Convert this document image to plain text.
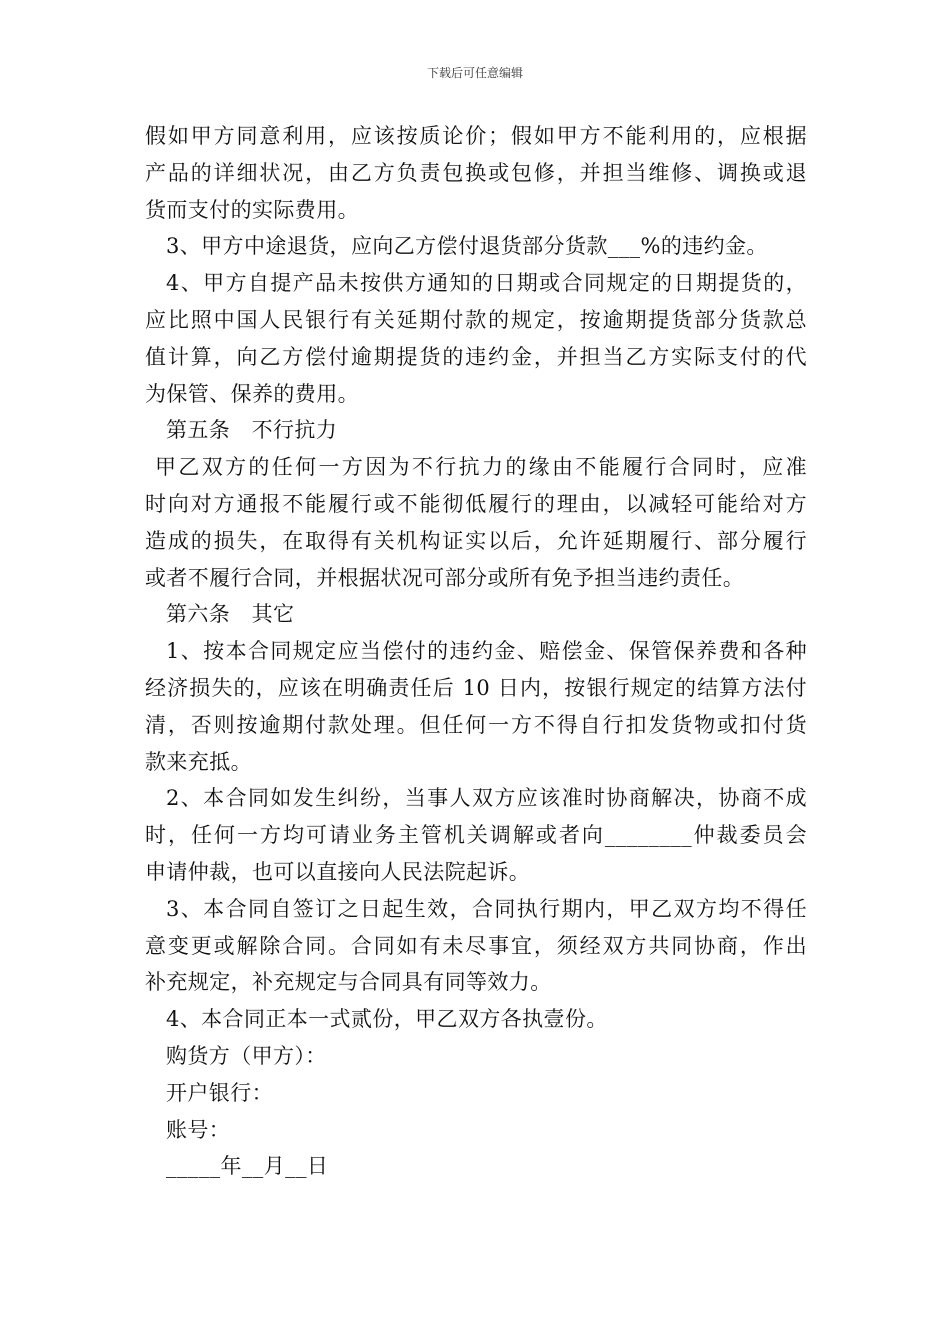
下载后可任意编辑
假如甲方同意利用，应该按质论价；假如甲方不能利用的，应根据
产品的详细状况，由乙方负责包换或包修，并担当维修、调换或退
货而支付的实际费用。
3、甲方中途退货，应向乙方偿付退货部分货款___%的违约金。
4、甲方自提产品未按供方通知的日期或合同规定的日期提货的，
应比照中国人民银行有关延期付款的规定，按逾期提货部分货款总
值计算，向乙方偿付逾期提货的违约金，并担当乙方实际支付的代
为保管、保养的费用。
第五条　不行抗力
甲乙双方的任何一方因为不行抗力的缘由不能履行合同时，应准
时向对方通报不能履行或不能彻低履行的理由，以减轻可能给对方
造成的损失，在取得有关机构证实以后，允许延期履行、部分履行
或者不履行合同，并根据状况可部分或所有免予担当违约责任。
第六条　其它
1、按本合同规定应当偿付的违约金、赔偿金、保管保养费和各种
经济损失的，应该在明确责任后 10 日内，按银行规定的结算方法付
清，否则按逾期付款处理。但任何一方不得自行扣发货物或扣付货
款来充抵。
2、本合同如发生纠纷，当事人双方应该准时协商解决，协商不成
时，任何一方均可请业务主管机关调解或者向________仲裁委员会
申请仲裁，也可以直接向人民法院起诉。
3、本合同自签订之日起生效，合同执行期内，甲乙双方均不得任
意变更或解除合同。合同如有未尽事宜，须经双方共同协商，作出
补充规定，补充规定与合同具有同等效力。
4、本合同正本一式贰份，甲乙双方各执壹份。
购货方（甲方）：
开户银行：
账号：
_____年__月__日
